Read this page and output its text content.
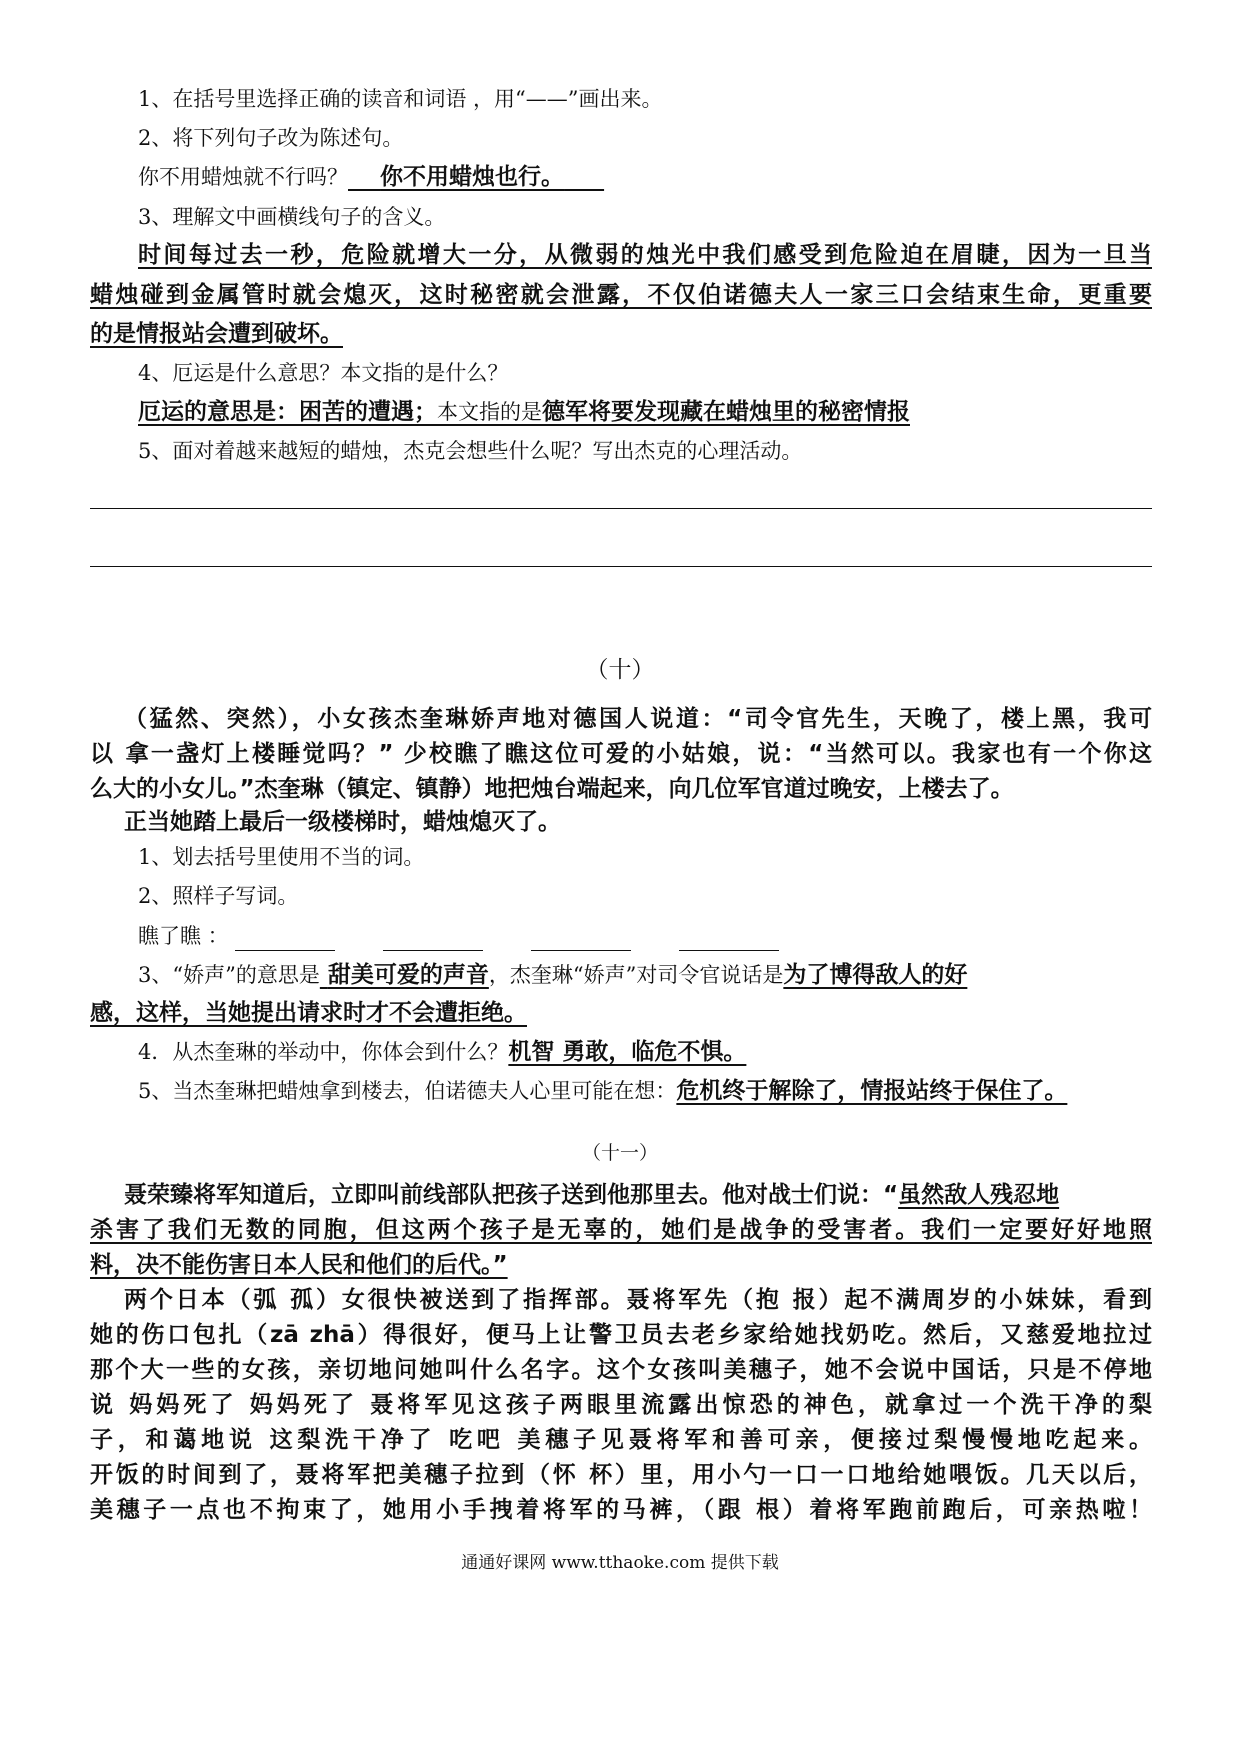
1、在括号里选择正确的读音和词语 ，用“——”画出来。
2、将下列句子改为陈述句。
你不用蜡烛就不行吗？ 你不用蜡烛也行。
3、理解文中画横线句子的含义。
时间每过去一秒，危险就增大一分，从微弱的烛光中我们感受到危险迫在眉睫，因为一旦当
蜡烛碰到金属管时就会熄灭，这时秘密就会泄露，不仅伯诺德夫人一家三口会结束生命，更重要
的是情报站会遭到破坏。
4、厄运是什么意思？本文指的是什么？
厄运的意思是：困苦的遭遇；本文指的是德军将要发现藏在蜡烛里的秘密情报
5、面对着越来越短的蜡烛，杰克会想些什么呢？写出杰克的心理活动。
（十）
（猛然、突然），小女孩杰奎琳娇声地对德国人说道：“司令官先生，天晚了，楼上黑，我可
以 拿一盏灯上楼睡觉吗？” 少校瞧了瞧这位可爱的小姑娘，说：“当然可以。我家也有一个你这
么大的小女儿。”杰奎琳（镇定、镇静）地把烛台端起来，向几位军官道过晚安，上楼去了。
正当她踏上最后一级楼梯时，蜡烛熄灭了。
1、划去括号里使用不当的词。
2、照样子写词。
瞧了瞧 ：
3、“娇声”的意思是 甜美可爱的声音，杰奎琳“娇声”对司令官说话是为了博得敌人的好
感，这样，当她提出请求时才不会遭拒绝。
4．从杰奎琳的举动中，你体会到什么？机智 勇敢，临危不惧。
5、当杰奎琳把蜡烛拿到楼去，伯诺德夫人心里可能在想：危机终于解除了，情报站终于保住了。
（十一）
聂荣臻将军知道后，立即叫前线部队把孩子送到他那里去。他对战士们说：“虽然敌人残忍地
杀害了我们无数的同胞，但这两个孩子是无辜的，她们是战争的受害者。我们一定要好好地照
料，决不能伤害日本人民和他们的后代。”
两个日本（弧 孤）女很快被送到了指挥部。聂将军先（抱 报）起不满周岁的小妹妹，看到
她的伤口包扎（zā zhā）得很好，便马上让警卫员去老乡家给她找奶吃。然后，又慈爱地拉过
那个大一些的女孩，亲切地问她叫什么名字。这个女孩叫美穗子，她不会说中国话，只是不停地
说 妈妈死了 妈妈死了 聂将军见这孩子两眼里流露出惊恐的神色，就拿过一个洗干净的梨
子，和蔼地说 这梨洗干净了 吃吧 美穗子见聂将军和善可亲，便接过梨慢慢地吃起来。
开饭的时间到了，聂将军把美穗子拉到（怀 杯）里，用小勺一口一口地给她喂饭。几天以后，
美穗子一点也不拘束了，她用小手拽着将军的马裤，（跟 根）着将军跑前跑后，可亲热啦！
通通好课网 www.tthaoke.com 提供下载
